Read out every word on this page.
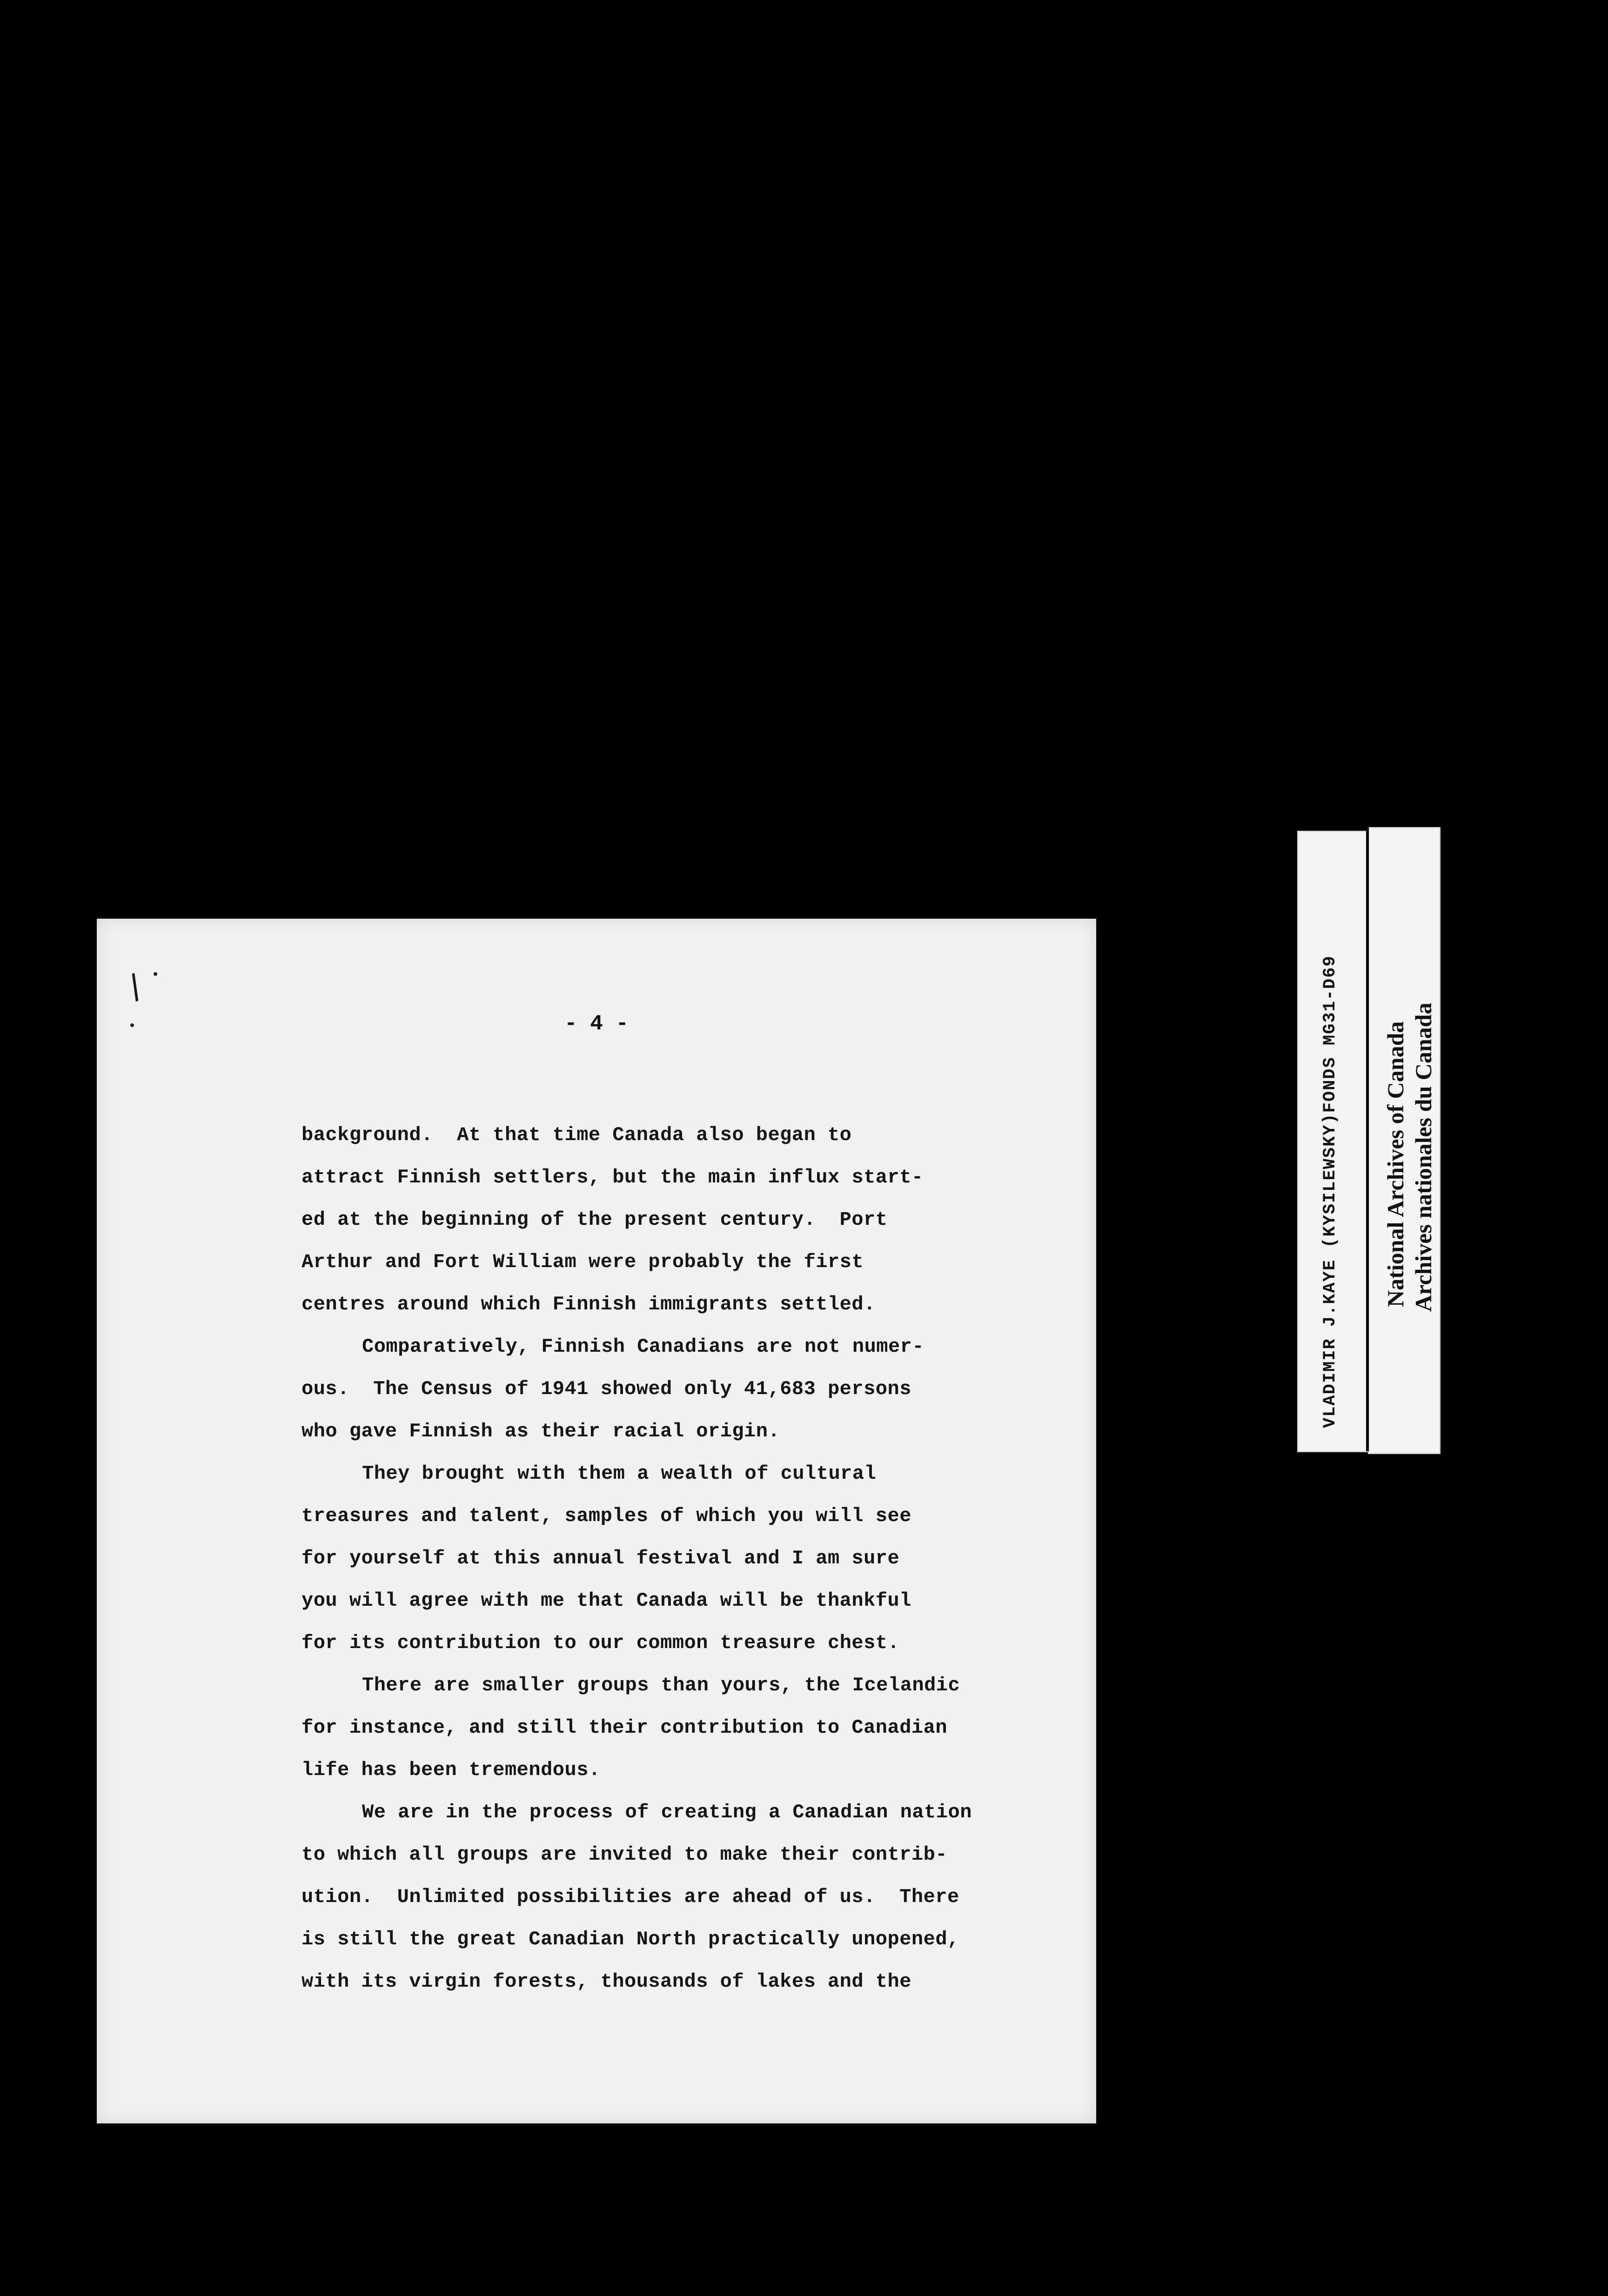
- 4 -
background.  At that time Canada also began to
attract Finnish settlers, but the main influx start-
ed at the beginning of the present century.  Port
Arthur and Fort William were probably the first
centres around which Finnish immigrants settled.
Comparatively, Finnish Canadians are not numer-
ous.  The Census of 1941 showed only 41,683 persons
who gave Finnish as their racial origin.
They brought with them a wealth of cultural
treasures and talent, samples of which you will see
for yourself at this annual festival and I am sure
you will agree with me that Canada will be thankful
for its contribution to our common treasure chest.
There are smaller groups than yours, the Icelandic
for instance, and still their contribution to Canadian
life has been tremendous.
We are in the process of creating a Canadian nation
to which all groups are invited to make their contrib-
ution.  Unlimited possibilities are ahead of us.  There
is still the great Canadian North practically unopened,
with its virgin forests, thousands of lakes and the
/	VLADIMIR J.KAYE (KYSILEWSKY)FONDS MG31-D69 National Archives of Canada Archives nationales du Canada
